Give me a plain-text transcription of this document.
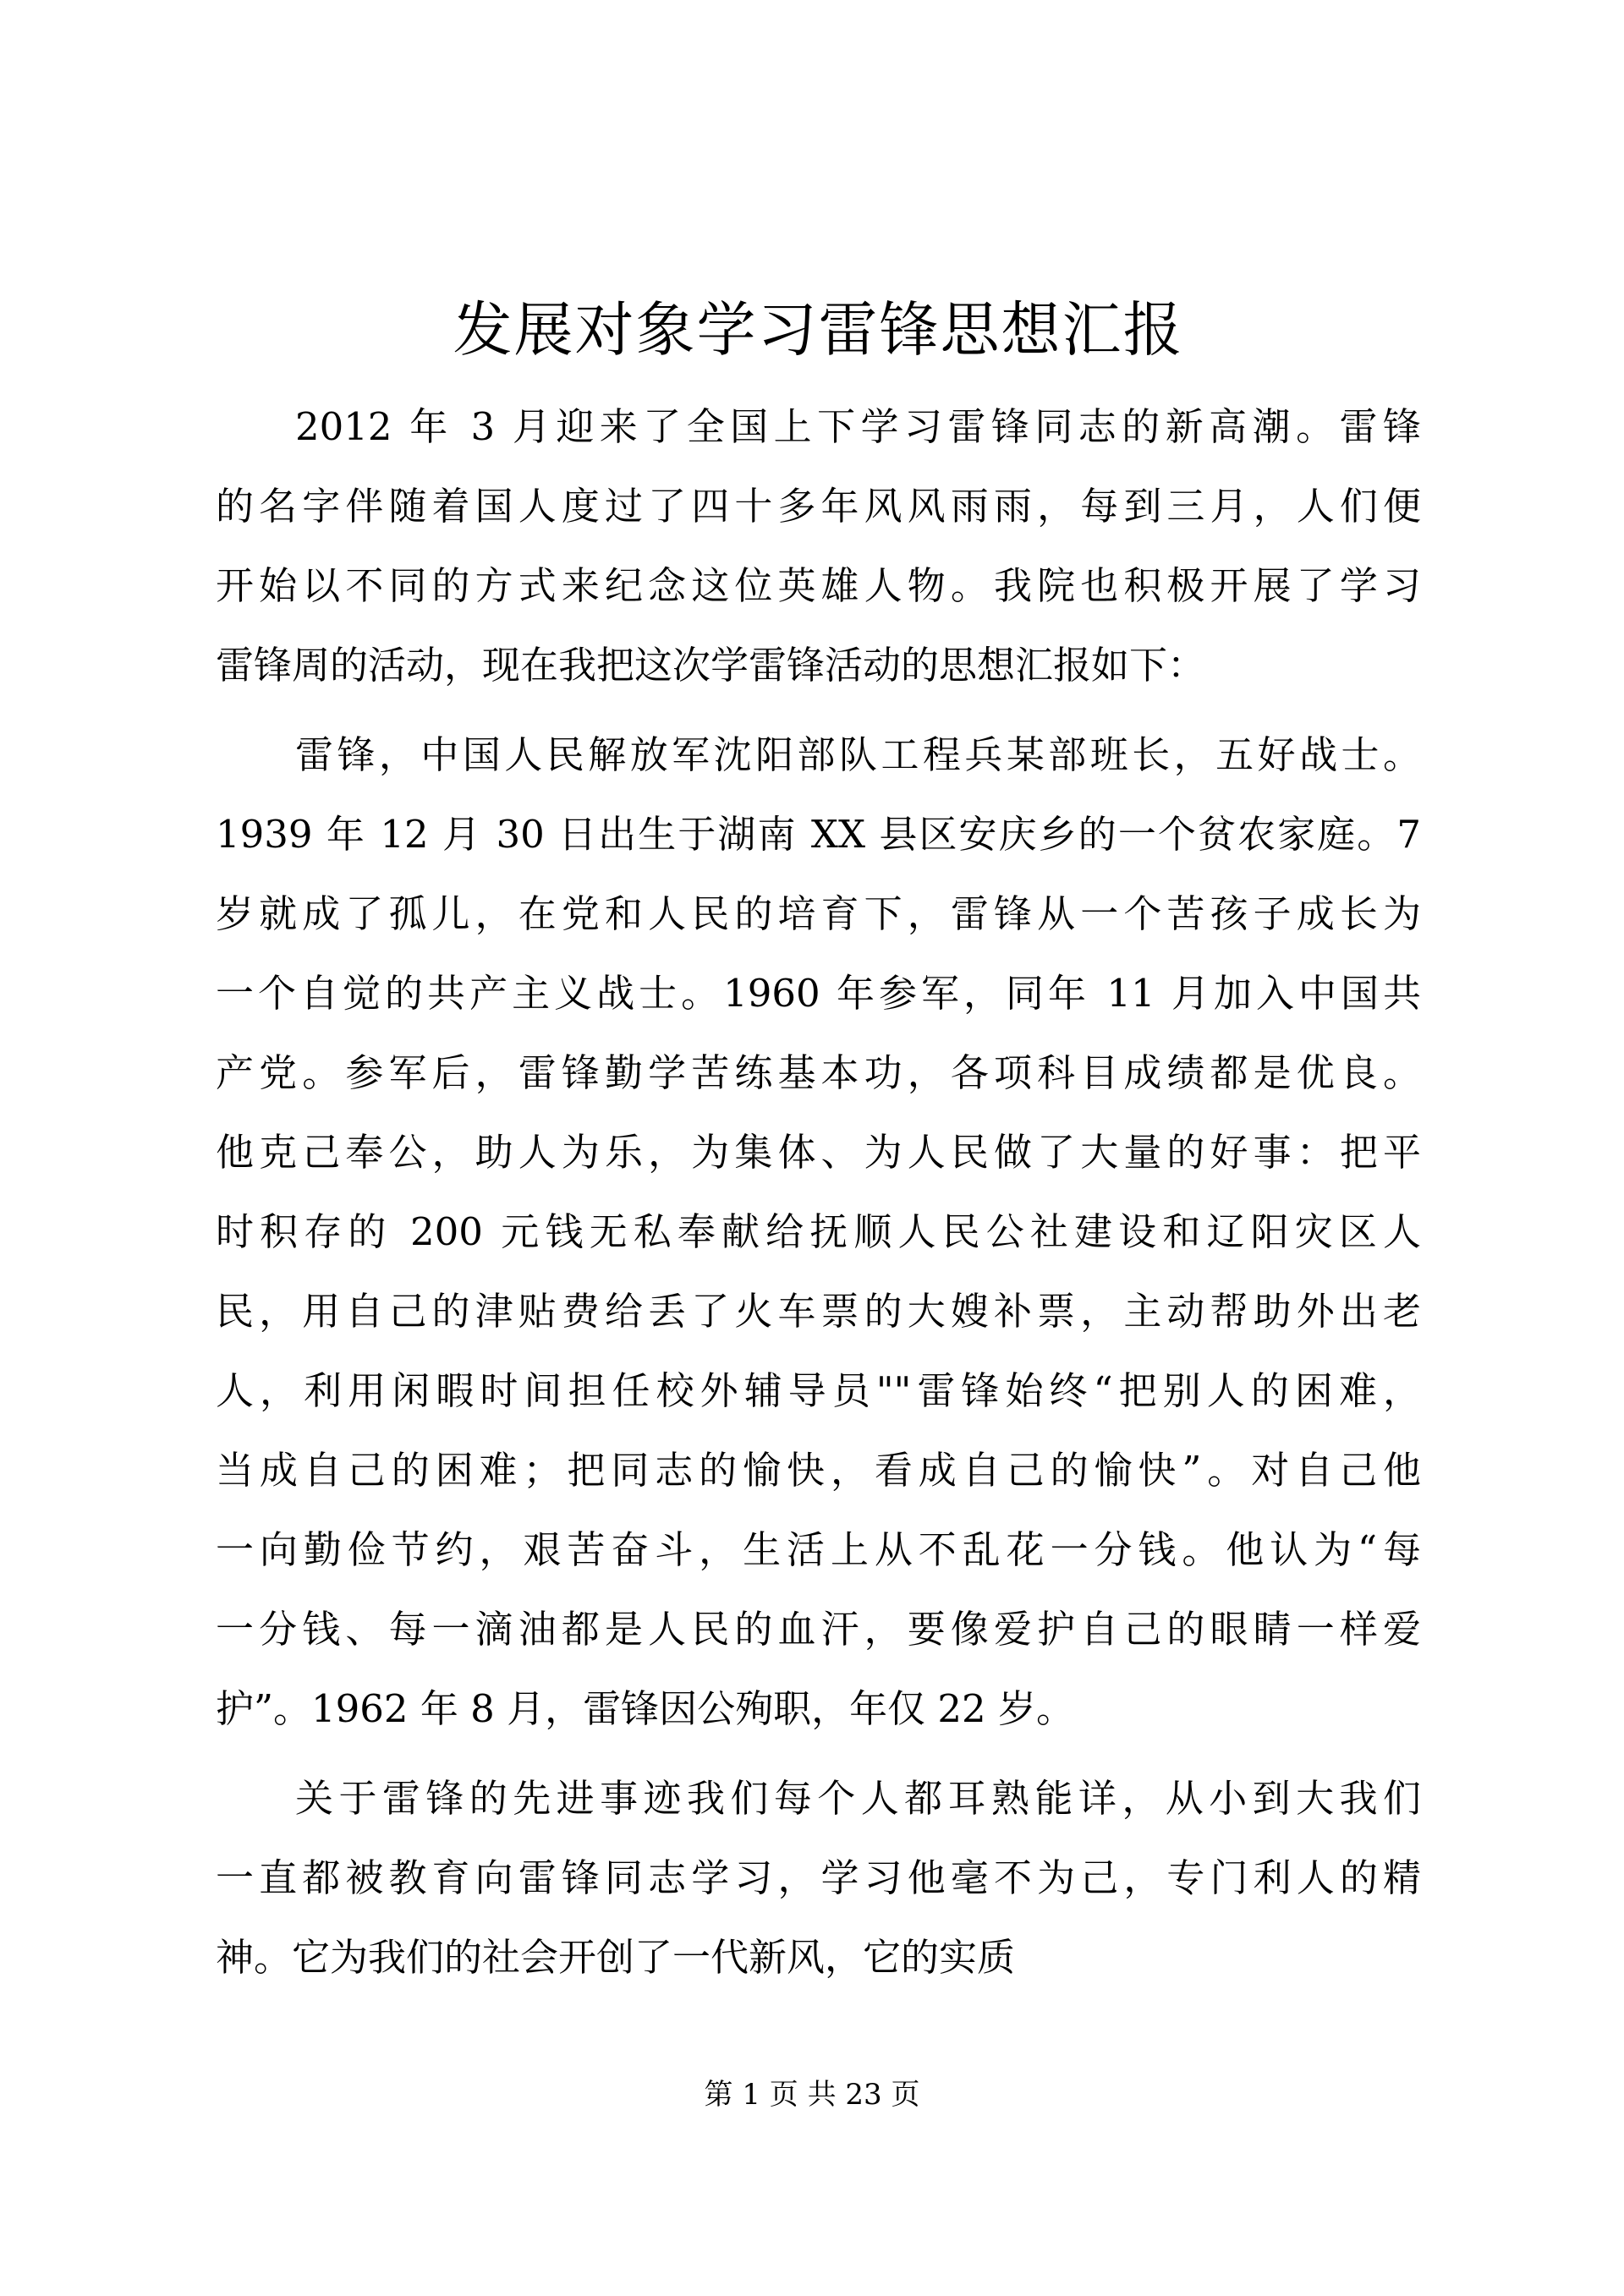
发展对象学习雷锋思想汇报

2012 年 3 月迎来了全国上下学习雷锋同志的新高潮。雷锋
的名字伴随着国人度过了四十多年风风雨雨，每到三月，人们便
开始以不同的方式来纪念这位英雄人物。我院也积极开展了学习
雷锋周的活动，现在我把这次学雷锋活动的思想汇报如下：

雷锋，中国人民解放军沈阳部队工程兵某部班长，五好战士。
1939 年 12 月 30 日出生于湖南 XX 县区安庆乡的一个贫农家庭。7
岁就成了孤儿，在党和人民的培育下，雷锋从一个苦孩子成长为
一个自觉的共产主义战士。1960 年参军，同年 11 月加入中国共
产党。参军后，雷锋勤学苦练基本功，各项科目成绩都是优良。
他克己奉公，助人为乐，为集体、为人民做了大量的好事：把平
时积存的 200 元钱无私奉献给抚顺人民公社建设和辽阳灾区人
民，用自己的津贴费给丢了火车票的大嫂补票，主动帮助外出老
人，利用闲暇时间担任校外辅导员""雷锋始终“把别人的困难，
当成自己的困难；把同志的愉快，看成自己的愉快”。对自己他
一向勤俭节约，艰苦奋斗，生活上从不乱花一分钱。他认为“每
一分钱、每一滴油都是人民的血汗，要像爱护自己的眼睛一样爱
护”。1962 年 8 月，雷锋因公殉职，年仅 22 岁。

关于雷锋的先进事迹我们每个人都耳熟能详，从小到大我们
一直都被教育向雷锋同志学习，学习他毫不为己，专门利人的精
神。它为我们的社会开创了一代新风，它的实质

第 1 页 共 23 页
